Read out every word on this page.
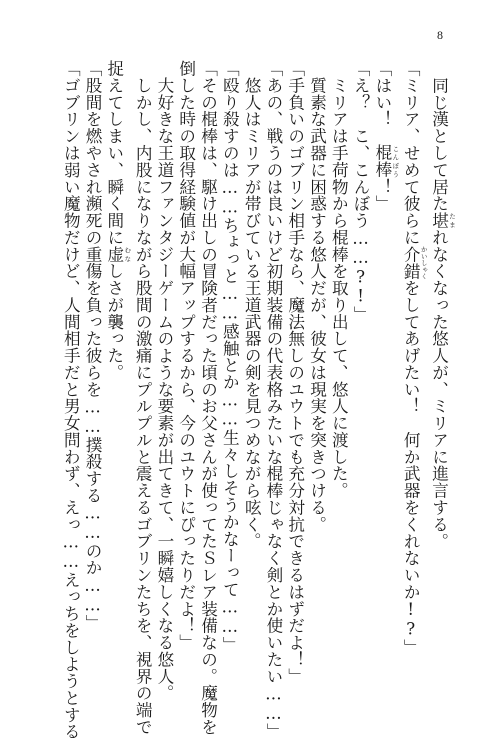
8
　同じ漢として居た堪 たまれなくなった悠人が、ミリアに進言する。
「ミリア、せめて彼らに介錯 かいしゃくをしてあげたい！　何か武器をくれないか!?」
「はい！　棍棒 こんぼう！」
「え？　こ、こんぼう……?!」
　ミリアは手荷物から棍棒を取り出して、悠人に渡した。
　質素な武器に困惑する悠人だが、彼女は現実を突きつける。
「手負いのゴブリン相手なら、魔法無しのユウトでも充分対抗できるはずだよ！」
「あの、戦うのは良いけど初期装備の代表格みたいな棍棒じゃなく剣とか使いたい……」
　悠人はミリアが帯びている王道武器の剣を見つめながら呟く。
「殴り殺すのは……ちょっと……感触とか……生々しそうかなーって……」
「その棍棒は、駆け出しの冒険者だった頃のお父さんが使ってたＳレア装備なの。魔物を
倒した時の取得経験値が大幅アップするから、今のユウトにぴったりだよ！」
　大好きな王道ファンタジーゲームのような要素が出てきて、一瞬嬉しくなる悠人。
　しかし、内股になりながら股間の激痛にプルプルと震えるゴブリンたちを、視界の端で
捉えてしまい、瞬く間に虚 むなしさが襲った。
「股間を燃やされ瀕死の重傷を負った彼らを……撲殺する……のか……」
「ゴブリンは弱い魔物だけど、人間相手だと男女問わず、えっ……えっちをしようとする
